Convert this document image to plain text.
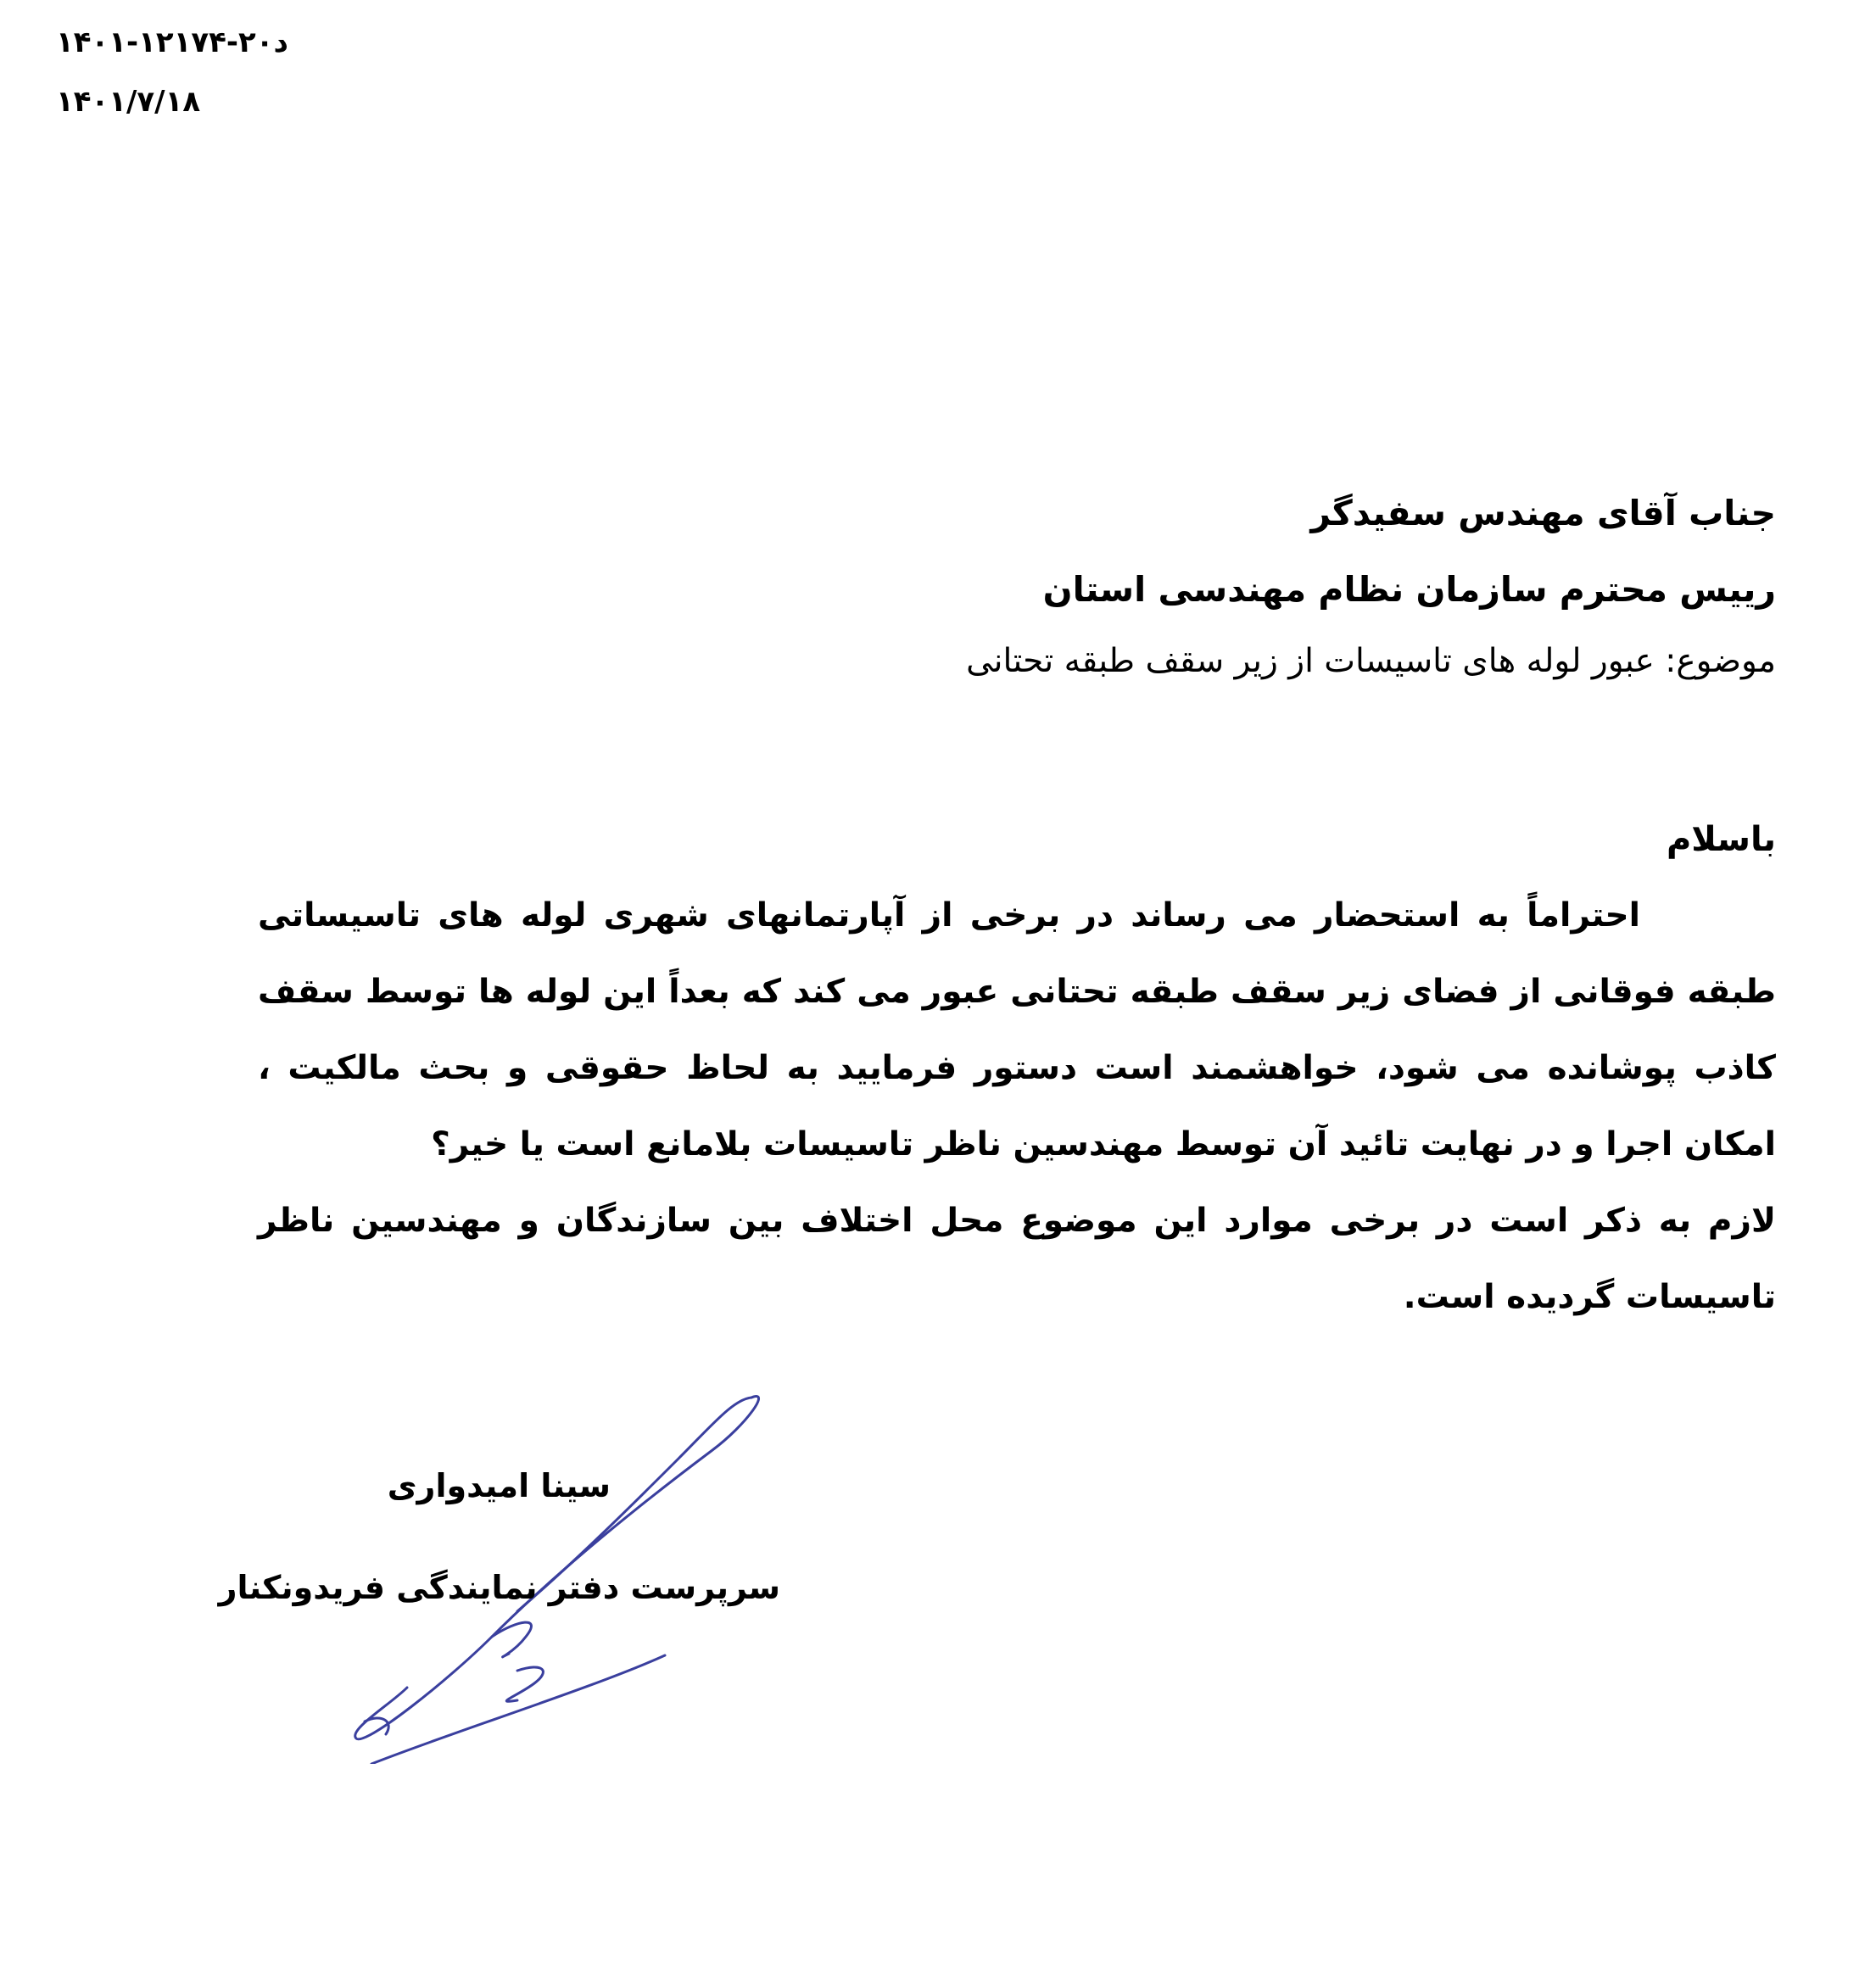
۱۴۰۱-د۲۰-۱۲۱۷۴
۱۴۰۱/۷/۱۸
جناب آقای مهندس سفیدگر
رییس محترم سازمان نظام مهندسی استان
موضوع: عبور لوله های تاسیسات از زیر سقف طبقه تحتانی
باسلام
احتراماً به استحضار می رساند در برخی از آپارتمانهای شهری لوله های تاسیساتی طبقه فوقانی از فضای زیر سقف طبقه تحتانی عبور می کند که بعداً این لوله ها توسط سقف کاذب پوشانده می شود، خواهشمند است دستور فرمایید به لحاظ حقوقی و بحث مالکیت ، امکان اجرا و در نهایت تائید آن توسط مهندسین ناظر تاسیسات بلامانع است یا خیر؟
لازم به ذکر است در برخی موارد این موضوع محل اختلاف بین سازندگان و مهندسین ناظر تاسیسات گردیده است.
سینا امیدواری
سرپرست دفتر نمایندگی فریدونکنار
